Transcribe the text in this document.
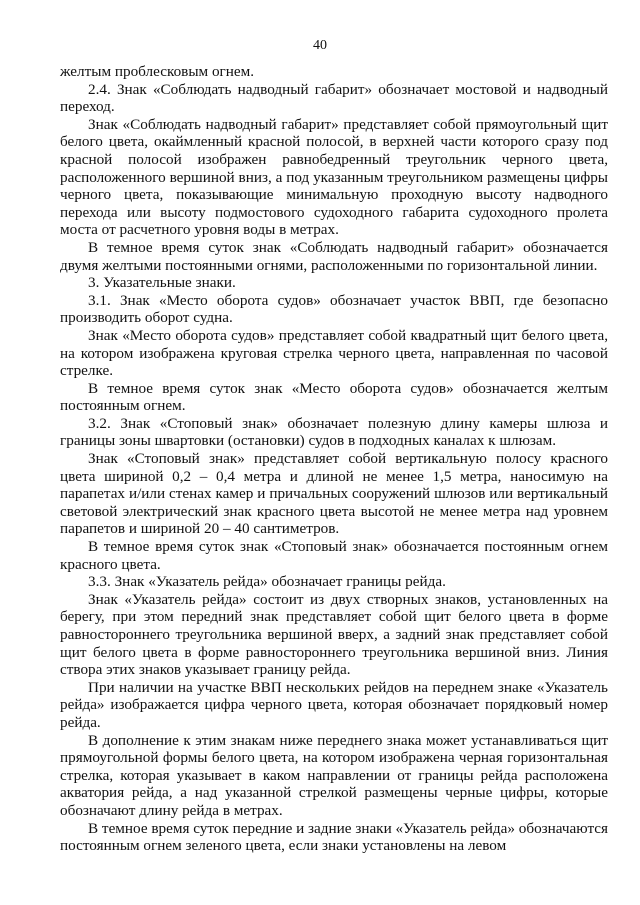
40

желтым проблесковым огнем.

2.4. Знак «Соблюдать надводный габарит» обозначает мостовой и надводный переход.

Знак «Соблюдать надводный габарит» представляет собой прямоугольный щит белого цвета, окаймленный красной полосой, в верхней части которого сразу под красной полосой изображен равнобедренный треугольник черного цвета, расположенного вершиной вниз, а под указанным треугольником размещены цифры черного цвета, показывающие минимальную проходную высоту надводного перехода или высоту подмостового судоходного габарита судоходного пролета моста от расчетного уровня воды в метрах.

В темное время суток знак «Соблюдать надводный габарит» обозначается двумя желтыми постоянными огнями, расположенными по горизонтальной линии.

3. Указательные знаки.

3.1. Знак «Место оборота судов» обозначает участок ВВП, где безопасно производить оборот судна.

Знак «Место оборота судов» представляет собой квадратный щит белого цвета, на котором изображена круговая стрелка черного цвета, направленная по часовой стрелке.

В темное время суток знак «Место оборота судов» обозначается желтым постоянным огнем.

3.2. Знак «Стоповый знак» обозначает полезную длину камеры шлюза и границы зоны швартовки (остановки) судов в подходных каналах к шлюзам.

Знак «Стоповый знак» представляет собой вертикальную полосу красного цвета шириной 0,2 – 0,4 метра и длиной не менее 1,5 метра, наносимую на парапетах и/или стенах камер и причальных сооружений шлюзов или вертикальный световой электрический знак красного цвета высотой не менее метра над уровнем парапетов и шириной 20 – 40 сантиметров.

В темное время суток знак «Стоповый знак» обозначается постоянным огнем красного цвета.

3.3. Знак «Указатель рейда» обозначает границы рейда.

Знак «Указатель рейда» состоит из двух створных знаков, установленных на берегу, при этом передний знак представляет собой щит белого цвета в форме равностороннего треугольника вершиной вверх, а задний знак представляет собой щит белого цвета в форме равностороннего треугольника вершиной вниз. Линия створа этих знаков указывает границу рейда.

При наличии на участке ВВП нескольких рейдов на переднем знаке «Указатель рейда» изображается цифра черного цвета, которая обозначает порядковый номер рейда.

В дополнение к этим знакам ниже переднего знака может устанавливаться щит прямоугольной формы белого цвета, на котором изображена черная горизонтальная стрелка, которая указывает в каком направлении от границы рейда расположена акватория рейда, а над указанной стрелкой размещены черные цифры, которые обозначают длину рейда в метрах.

В темное время суток передние и задние знаки «Указатель рейда» обозначаются постоянным огнем зеленого цвета, если знаки установлены на левом
